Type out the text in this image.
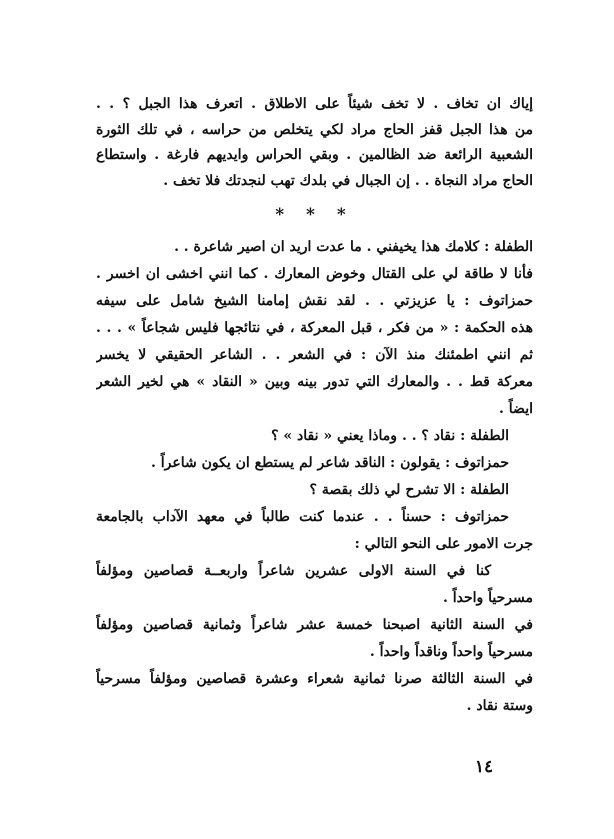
إياك ان تخاف . لا تخف شيئاً على الاطلاق . اتعرف هذا الجبل ؟ . .
من هذا الجبل قفز الحاج مراد لكي يتخلص من حراسه ، في تلك الثورة
الشعبية الرائعة ضد الظالمين . وبقي الحراس وايديهم فارغة . واستطاع
الحاج مراد النجاة . . إن الجبال في بلدك تهب لنجدتك فلا تخف .
* * *
الطفلة : كلامك هذا يخيفني . ما عدت اريد ان اصير شاعرة . .
فأنا لا طاقة لي على القتال وخوض المعارك . كما انني اخشى ان اخسر .
حمزاتوف : يا عزيزتي . . لقد نقش إمامنا الشيخ شامل على سيفه
هذه الحكمة : « من فكر ، قبل المعركة ، في نتائجها فليس شجاعاً » . . .
ثم انني اطمئنك منذ الآن : في الشعر . . الشاعر الحقيقي لا يخسر
معركة قط . . والمعارك التي تدور بينه وبين « النقاد » هي لخير الشعر
ايضاً .
الطفلة : نقاد ؟ . . وماذا يعني « نقاد » ؟
حمزاتوف : يقولون : الناقد شاعر لم يستطع ان يكون شاعراً .
الطفلة : الا تشرح لي ذلك بقصة ؟
حمزاتوف : حسناً . . عندما كنت طالباً في معهد الآداب بالجامعة
جرت الامور على النحو التالي :
كنا في السنة الاولى عشرين شاعراً واربعــة قصاصين ومؤلفاً
مسرحياً واحداً .
في السنة الثانية اصبحنا خمسة عشر شاعراً وثمانية قصاصين ومؤلفاً
مسرحياً واحداً وناقداً واحداً .
في السنة الثالثة صرنا ثمانية شعراء وعشرة قصاصين ومؤلفاً مسرحياً
وستة نقاد .
١٤
